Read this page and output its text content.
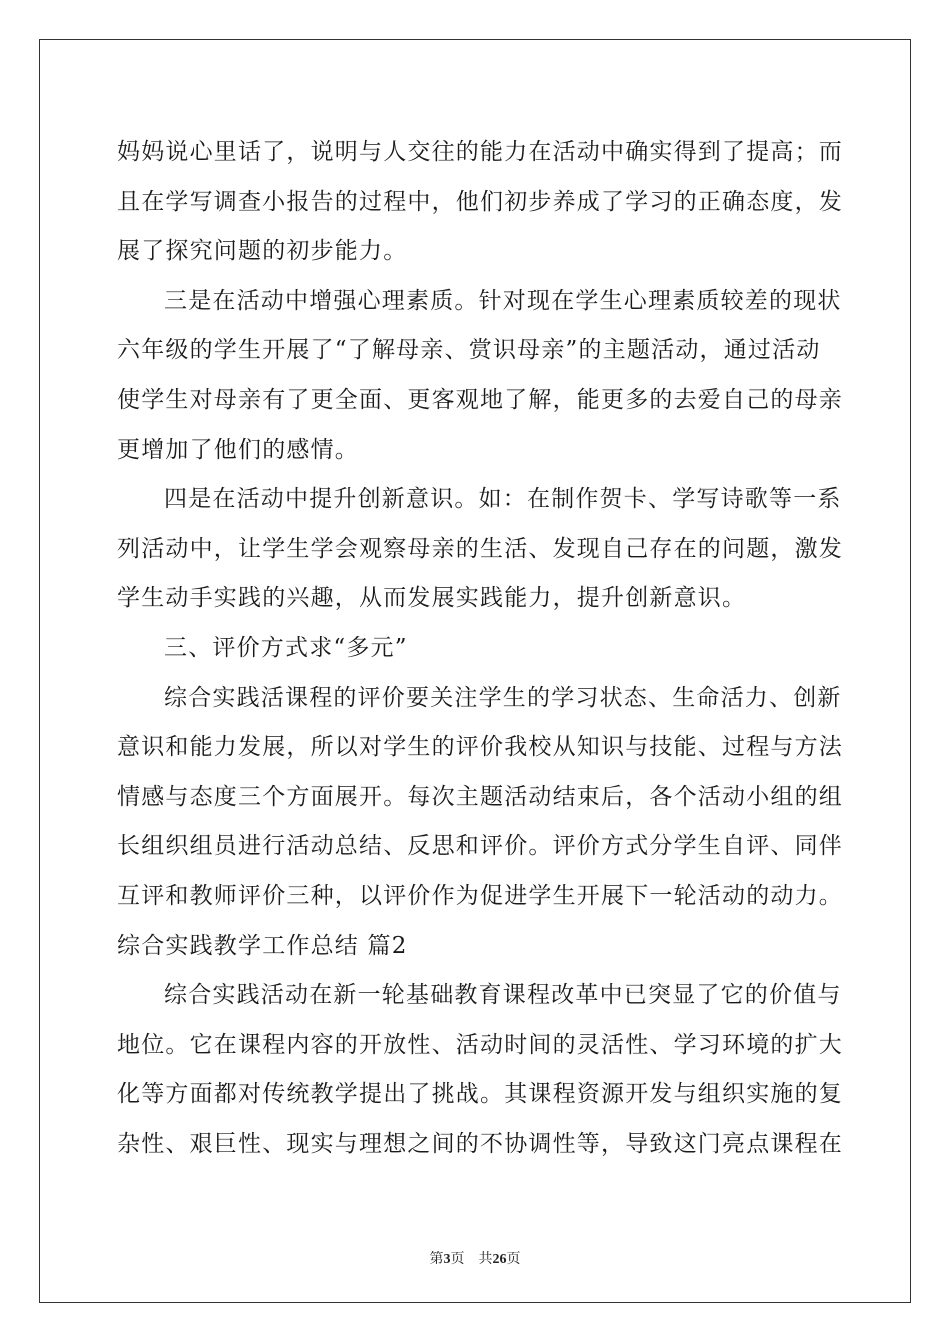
妈妈说心里话了，说明与人交往的能力在活动中确实得到了提高；而
且在学写调查小报告的过程中，他们初步养成了学习的正确态度，发
展了探究问题的初步能力。
三是在活动中增强心理素质。针对现在学生心理素质较差的现状
六年级的学生开展了“了解母亲、赏识母亲”的主题活动，通过活动
使学生对母亲有了更全面、更客观地了解，能更多的去爱自己的母亲
更增加了他们的感情。
四是在活动中提升创新意识。如：在制作贺卡、学写诗歌等一系
列活动中，让学生学会观察母亲的生活、发现自己存在的问题，激发
学生动手实践的兴趣，从而发展实践能力，提升创新意识。
三、评价方式求“多元”
综合实践活课程的评价要关注学生的学习状态、生命活力、创新
意识和能力发展，所以对学生的评价我校从知识与技能、过程与方法
情感与态度三个方面展开。每次主题活动结束后，各个活动小组的组
长组织组员进行活动总结、反思和评价。评价方式分学生自评、同伴
互评和教师评价三种，以评价作为促进学生开展下一轮活动的动力。
综合实践教学工作总结 篇2
综合实践活动在新一轮基础教育课程改革中已突显了它的价值与
地位。它在课程内容的开放性、活动时间的灵活性、学习环境的扩大
化等方面都对传统教学提出了挑战。其课程资源开发与组织实施的复
杂性、艰巨性、现实与理想之间的不协调性等，导致这门亮点课程在
第3页 共26页
